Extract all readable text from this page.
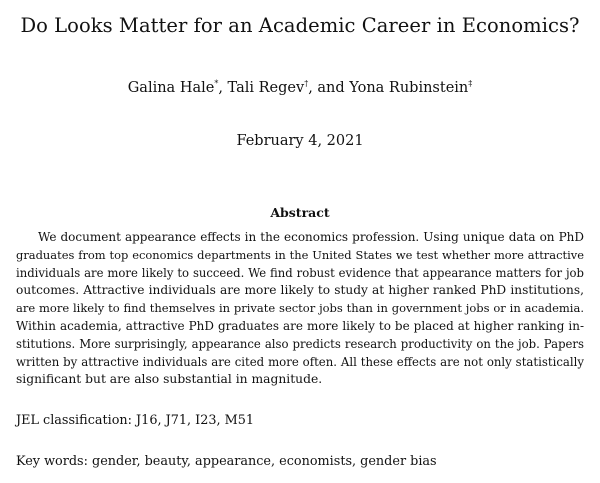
Do Looks Matter for an Academic Career in Economics?
Galina Hale*, Tali Regev†, and Yona Rubinstein‡
February 4, 2021
Abstract
We document appearance effects in the economics profession. Using unique data on PhD
graduates from top economics departments in the United States we test whether more attractive
individuals are more likely to succeed. We find robust evidence that appearance matters for job
outcomes. Attractive individuals are more likely to study at higher ranked PhD institutions,
are more likely to find themselves in private sector jobs than in government jobs or in academia.
Within academia, attractive PhD graduates are more likely to be placed at higher ranking in-
stitutions. More surprisingly, appearance also predicts research productivity on the job. Papers
written by attractive individuals are cited more often. All these effects are not only statistically
significant but are also substantial in magnitude.
JEL classification: J16, J71, I23, M51
Key words: gender, beauty, appearance, economists, gender bias
